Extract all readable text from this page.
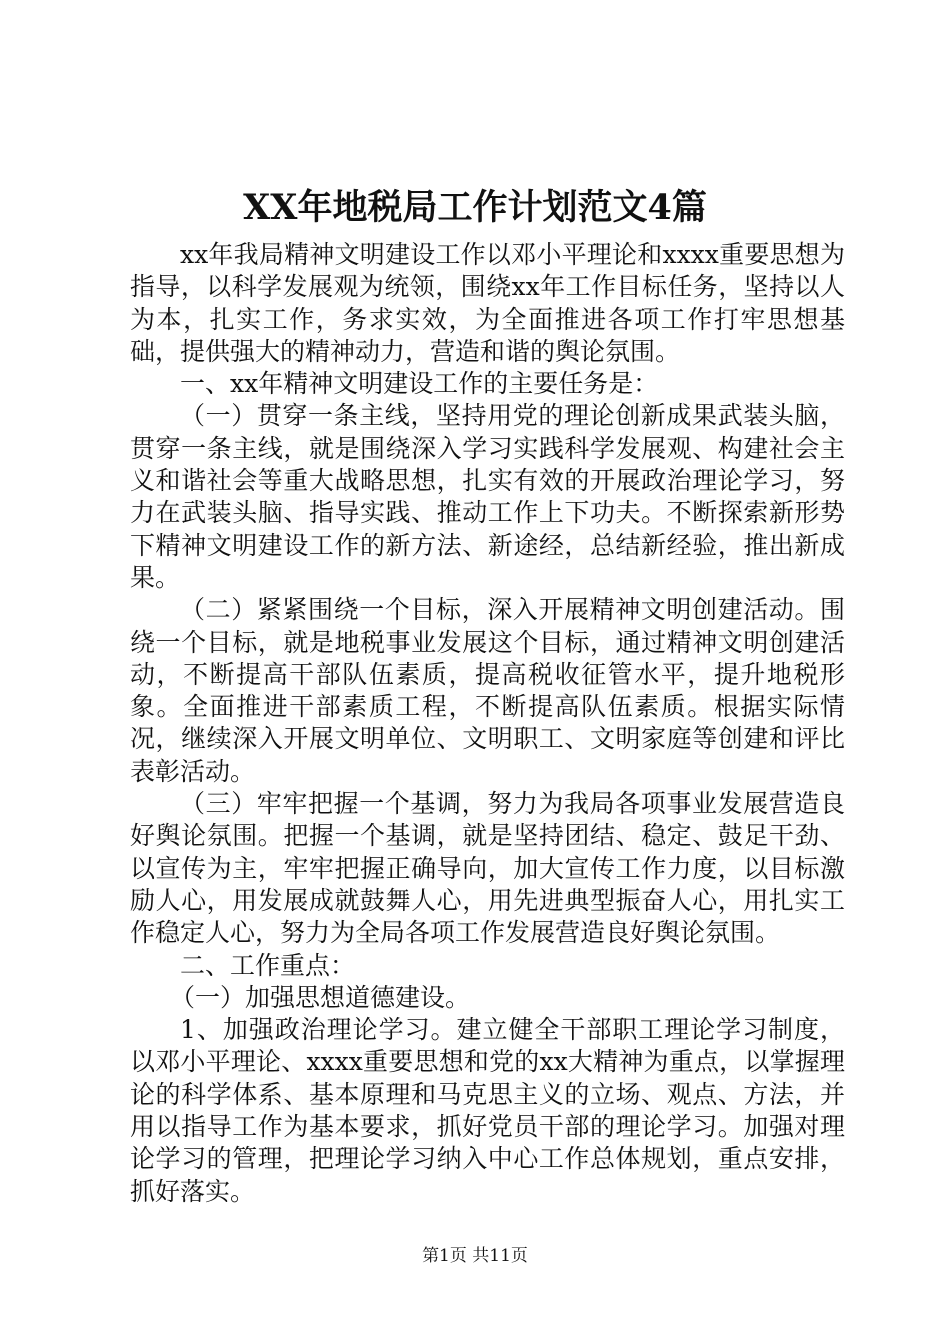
XX年地税局工作计划范文4篇

xx年我局精神文明建设工作以邓小平理论和xxxx重要思想为指导，以科学发展观为统领，围绕xx年工作目标任务，坚持以人为本，扎实工作，务求实效，为全面推进各项工作打牢思想基础，提供强大的精神动力，营造和谐的舆论氛围。

一、xx年精神文明建设工作的主要任务是：

（一）贯穿一条主线，坚持用党的理论创新成果武装头脑，贯穿一条主线，就是围绕深入学习实践科学发展观、构建社会主义和谐社会等重大战略思想，扎实有效的开展政治理论学习，努力在武装头脑、指导实践、推动工作上下功夫。不断探索新形势下精神文明建设工作的新方法、新途经，总结新经验，推出新成果。

（二）紧紧围绕一个目标，深入开展精神文明创建活动。围绕一个目标，就是地税事业发展这个目标，通过精神文明创建活动，不断提高干部队伍素质，提高税收征管水平，提升地税形象。全面推进干部素质工程，不断提高队伍素质。根据实际情况，继续深入开展文明单位、文明职工、文明家庭等创建和评比表彰活动。

（三）牢牢把握一个基调，努力为我局各项事业发展营造良好舆论氛围。把握一个基调，就是坚持团结、稳定、鼓足干劲、以宣传为主，牢牢把握正确导向，加大宣传工作力度，以目标激励人心，用发展成就鼓舞人心，用先进典型振奋人心，用扎实工作稳定人心，努力为全局各项工作发展营造良好舆论氛围。

二、工作重点：

（一）加强思想道德建设。

1、加强政治理论学习。建立健全干部职工理论学习制度，以邓小平理论、xxxx重要思想和党的xx大精神为重点，以掌握理论的科学体系、基本原理和马克思主义的立场、观点、方法，并用以指导工作为基本要求，抓好党员干部的理论学习。加强对理论学习的管理，把理论学习纳入中心工作总体规划，重点安排，抓好落实。

第1页 共11页
